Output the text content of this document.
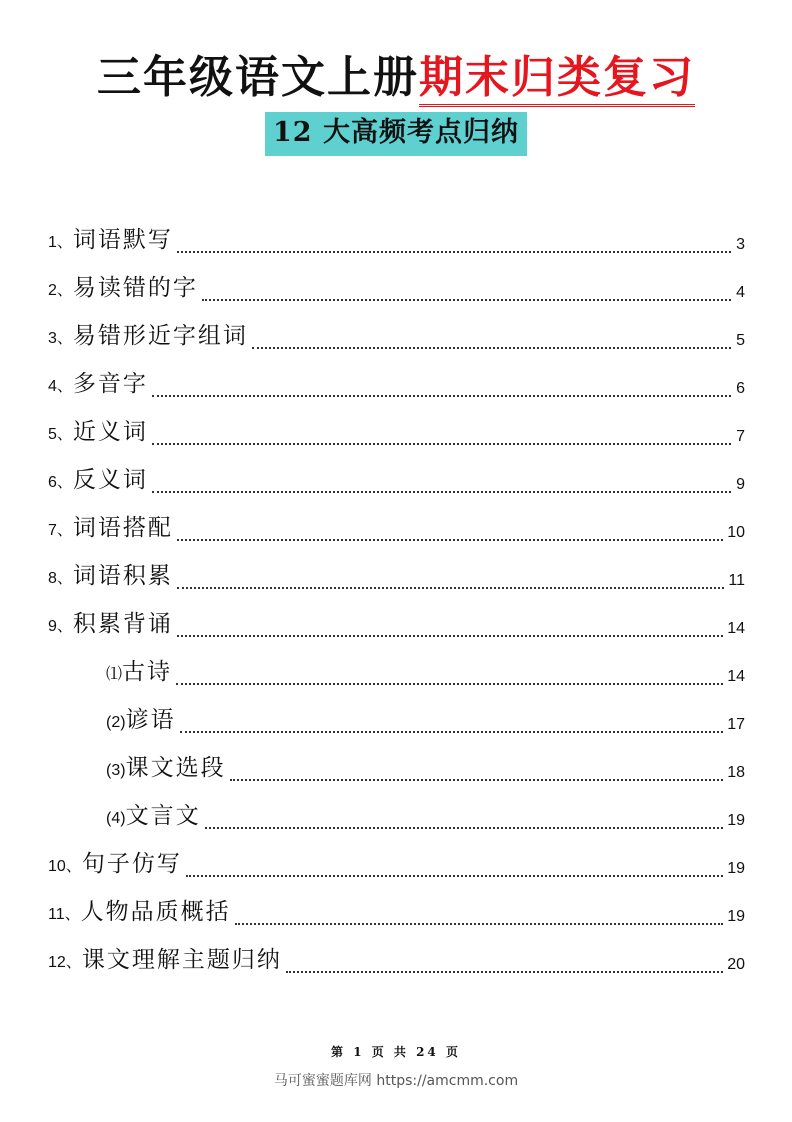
三年级语文上册期末归类复习
12 大高频考点归纳
1、词语默写	3
2、易读错的字	4
3、易错形近字组词	5
4、多音字	6
5、近义词	7
6、反义词	9
7、词语搭配	10
8、词语积累	11
9、积累背诵	14
⑴古诗	14
(2)谚语	17
(3)课文选段	18
(4)文言文	19
10、句子仿写	19
11、人物品质概括	19
12、课文理解主题归纳	20
第 1 页 共 24 页
马可蜜蜜题库网 https://amcmm.com
